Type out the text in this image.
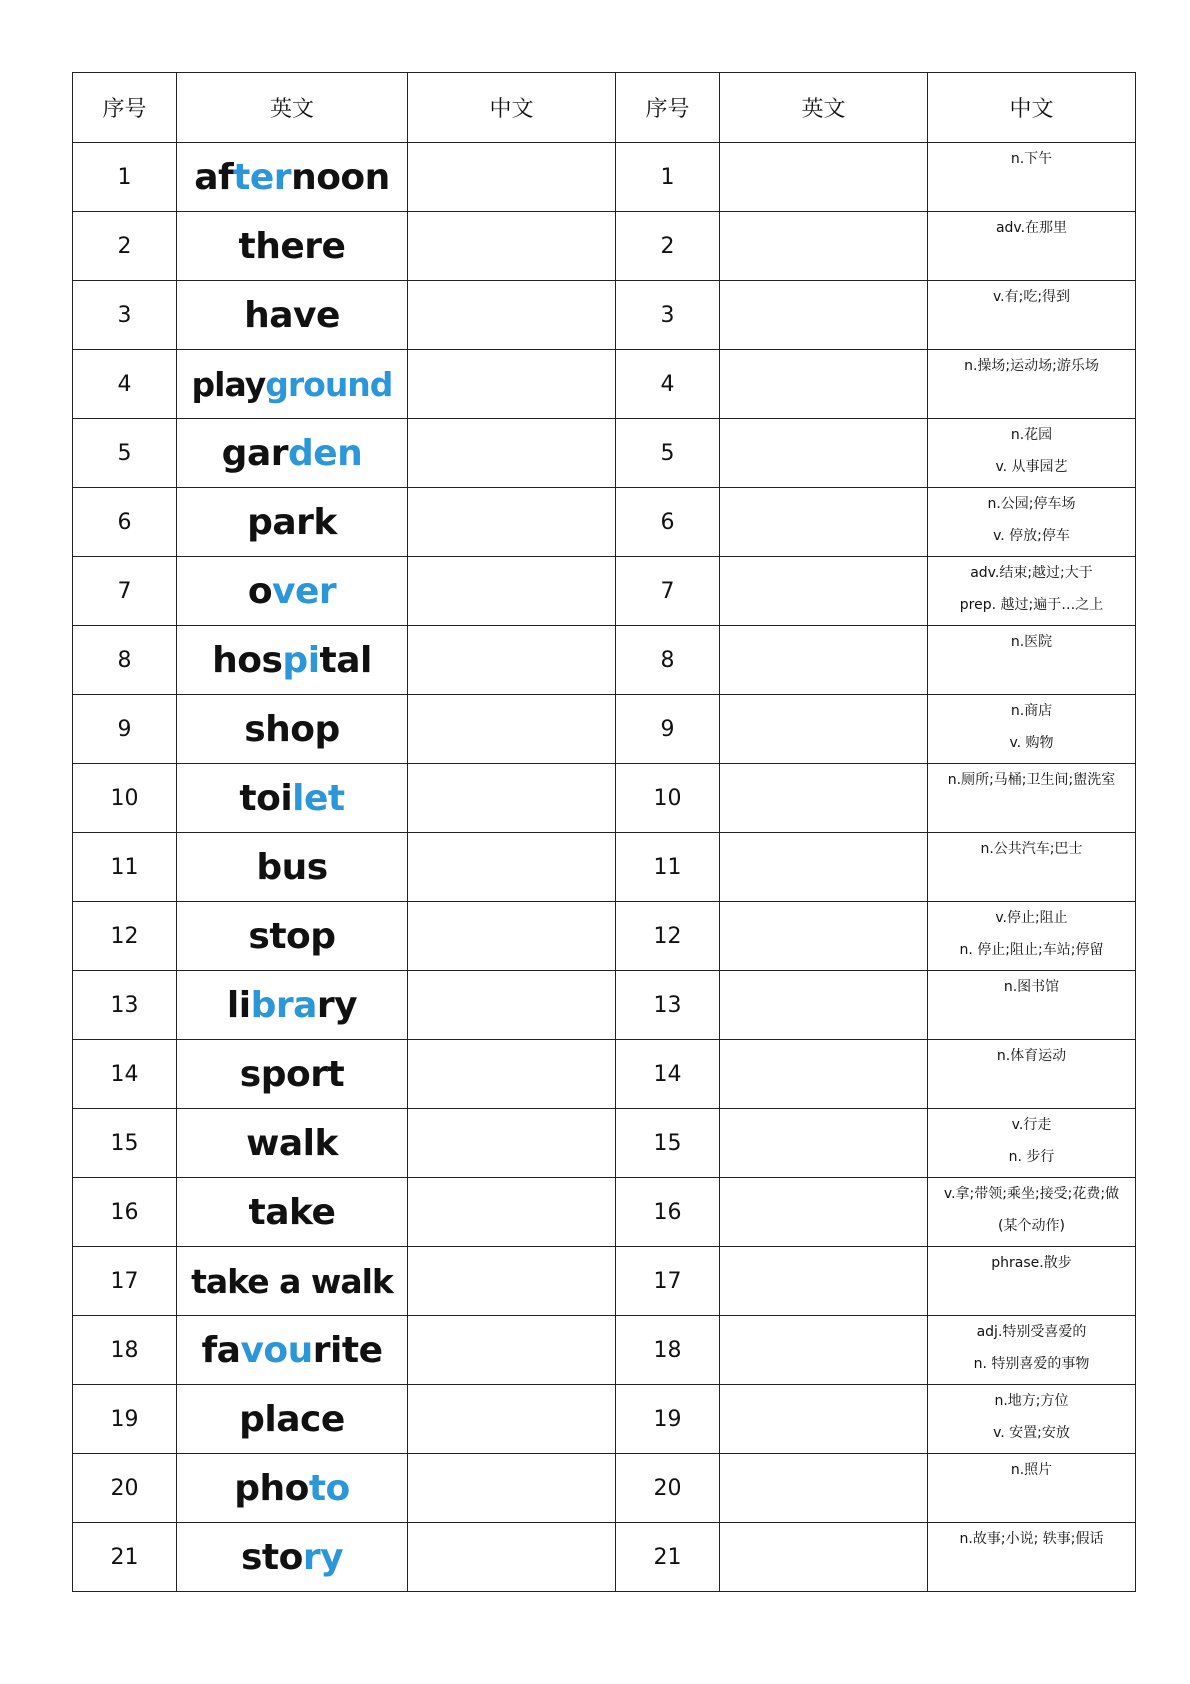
序号	英文	中文	序号	英文	中文
1	afternoon		1		n.下午

2	there		2		adv.在那里

3	have		3		v.有;吃;得到

4	playground		4		n.操场;运动场;游乐场

5	garden		5		n.花园
v. 从事园艺

6	park		6		n.公园;停车场
v. 停放;停车

7	over		7		adv.结束;越过;大于
prep. 越过;遍于…之上

8	hospital		8		n.医院

9	shop		9		n.商店
v. 购物

10	toilet		10		n.厕所;马桶;卫生间;盥洗室

11	bus		11		n.公共汽车;巴士

12	stop		12		v.停止;阻止
n. 停止;阻止;车站;停留

13	library		13		n.图书馆

14	sport		14		n.体育运动

15	walk		15		v.行走
n. 步行

16	take		16		v.拿;带领;乘坐;接受;花费;做
(某个动作)

17	take a walk		17		phrase.散步

18	favourite		18		adj.特别受喜爱的
n. 特别喜爱的事物

19	place		19		n.地方;方位
v. 安置;安放

20	photo		20		n.照片

21	story		21		n.故事;小说; 轶事;假话
